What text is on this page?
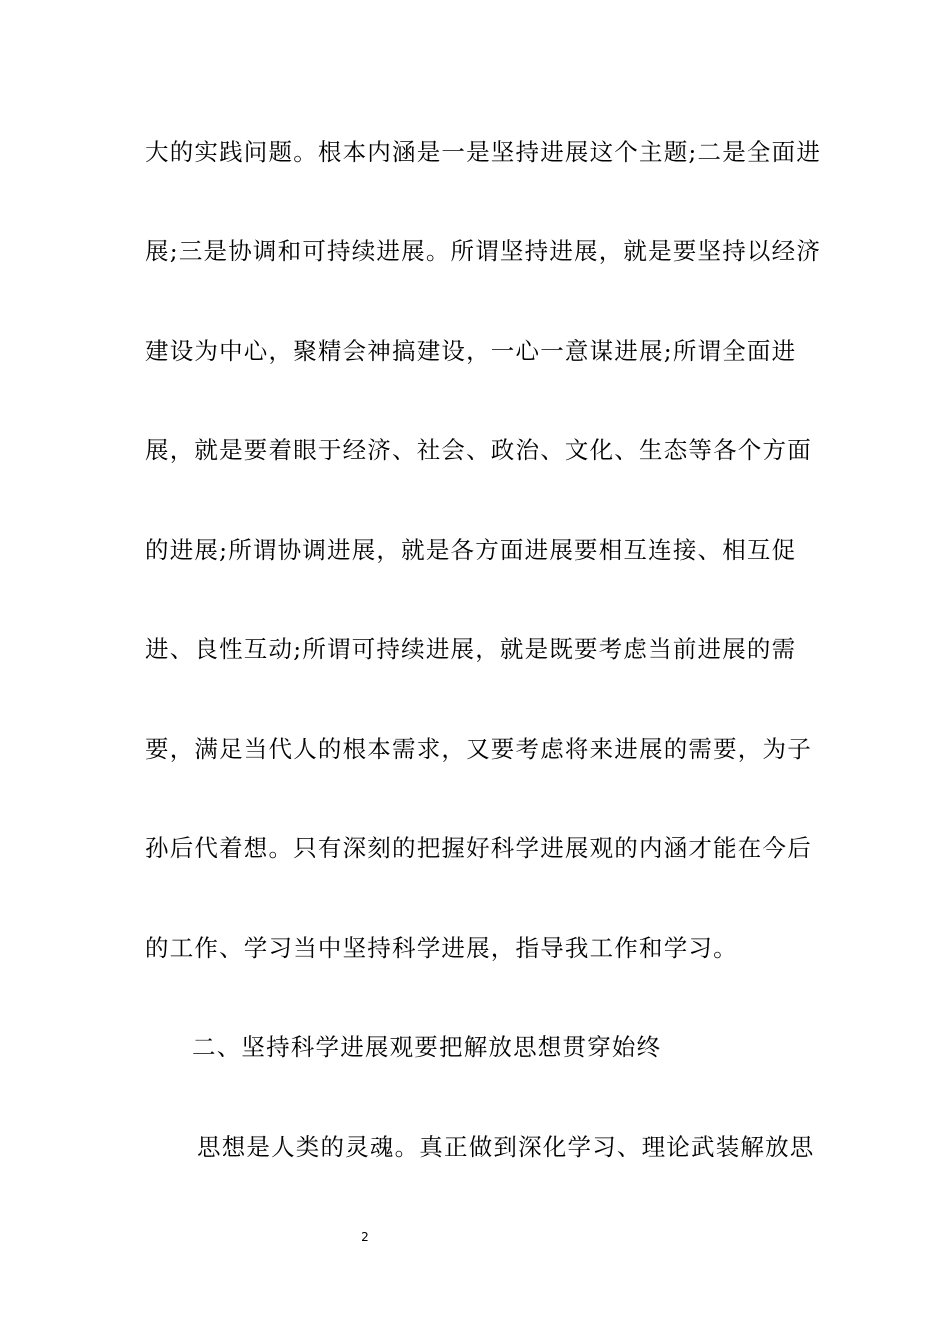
大的实践问题。根本内涵是一是坚持进展这个主题;二是全面进
展;三是协调和可持续进展。所谓坚持进展，就是要坚持以经济
建设为中心，聚精会神搞建设，一心一意谋进展;所谓全面进
展，就是要着眼于经济、社会、政治、文化、生态等各个方面
的进展;所谓协调进展，就是各方面进展要相互连接、相互促
进、良性互动;所谓可持续进展，就是既要考虑当前进展的需
要，满足当代人的根本需求，又要考虑将来进展的需要，为子
孙后代着想。只有深刻的把握好科学进展观的内涵才能在今后
的工作、学习当中坚持科学进展，指导我工作和学习。
二、坚持科学进展观要把解放思想贯穿始终
思想是人类的灵魂。真正做到深化学习、理论武装解放思
2
